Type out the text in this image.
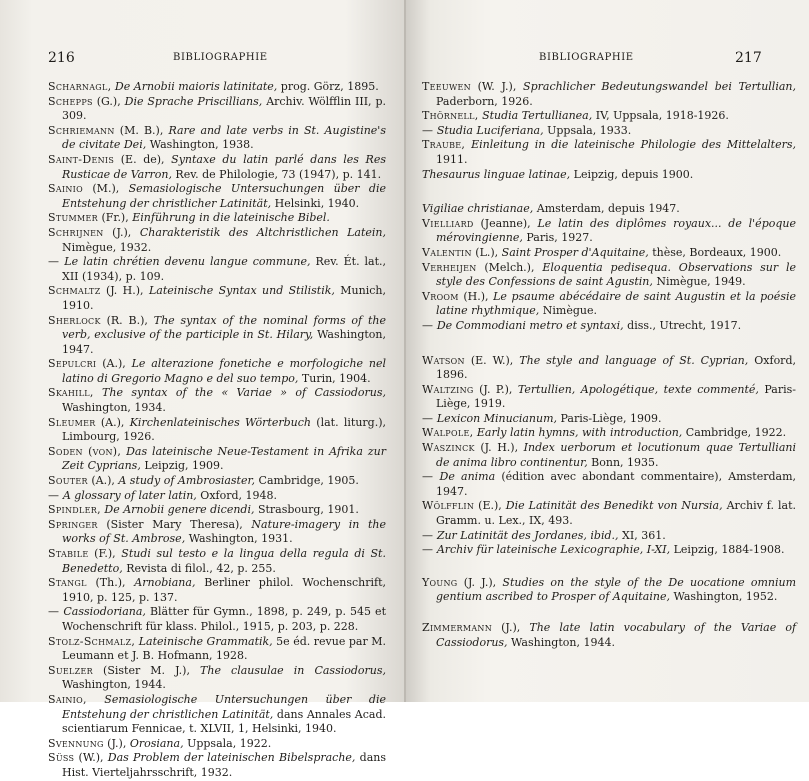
216	BIBLIOGRAPHIE

Scharnagl, De Arnobii maioris latinitate, prog. Görz, 1895.

Schepps (G.), Die Sprache Priscillians, Archiv. Wölfflin III, p. 309.

Schriemann (M. B.), Rare and late verbs in St. Augistine's de civitate Dei, Washington, 1938.

Saint-Denis (E. de), Syntaxe du latin parlé dans les Res Rusticae de Varron, Rev. de Philologie, 73 (1947), p. 141.

Sainio (M.), Semasiologische Untersuchungen über die Entstehung der christlicher Latinität, Helsinki, 1940.

Stummer (Fr.), Einführung in die lateinische Bibel.

Schrijnen (J.), Charakteristik des Altchristlichen Latein, Nimègue, 1932.

— Le latin chrétien devenu langue commune, Rev. Ét. lat., XII (1934), p. 109.

Schmaltz (J. H.), Lateinische Syntax und Stilistik, Munich, 1910.

Sherlock (R. B.), The syntax of the nominal forms of the verb, exclusive of the participle in St. Hilary, Washington, 1947.

Sepulcri (A.), Le alterazione fonetiche e morfologiche nel latino di Gregorio Magno e del suo tempo, Turin, 1904.

Skahill, The syntax of the « Variae » of Cassiodorus, Washington, 1934.

Sleumer (A.), Kirchenlateinisches Wörterbuch (lat. liturg.), Limbourg, 1926.

Soden (von), Das lateinische Neue-Testament in Afrika zur Zeit Cyprians, Leipzig, 1909.

Souter (A.), A study of Ambrosiaster, Cambridge, 1905.

— A glossary of later latin, Oxford, 1948.

Spindler, De Arnobii genere dicendi, Strasbourg, 1901.

Springer (Sister Mary Theresa), Nature-imagery in the works of St. Ambrose, Washington, 1931.

Stabile (F.), Studi sul testo e la lingua della regula di St. Benedetto, Revista di filol., 42, p. 255.

Stangl (Th.), Arnobiana, Berliner philol. Wochenschrift, 1910, p. 125, p. 137.

— Cassiodoriana, Blätter für Gymn., 1898, p. 249, p. 545 et Wochenschrift für klass. Philol., 1915, p. 203, p. 228.

Stolz-Schmalz, Lateinische Grammatik, 5e éd. revue par M. Leumann et J. B. Hofmann, 1928.

Suelzer (Sister M. J.), The clausulae in Cassiodorus, Washington, 1944.

Sainio, Semasiologische Untersuchungen über die Entstehung der christlichen Latinität, dans Annales Acad. scientiarum Fennicae, t. XLVII, 1, Helsinki, 1940.

Svennung (J.), Orosiana, Uppsala, 1922.

Süss (W.), Das Problem der lateinischen Bibelsprache, dans Hist. Vierteljahrsschrift, 1932.

BIBLIOGRAPHIE	217

Teeuwen (W. J.), Sprachlicher Bedeutungswandel bei Tertullian, Paderborn, 1926.

Thörnell, Studia Tertullianea, IV, Uppsala, 1918-1926.

— Studia Luciferiana, Uppsala, 1933.

Traube, Einleitung in die lateinische Philologie des Mittelalters, 1911.

Thesaurus linguae latinae, Leipzig, depuis 1900.

Vigiliae christianae, Amsterdam, depuis 1947.

Vielliard (Jeanne), Le latin des diplômes royaux... de l'époque mérovingienne, Paris, 1927.

Valentin (L.), Saint Prosper d'Aquitaine, thèse, Bordeaux, 1900.

Verheijen (Melch.), Eloquentia pedisequa. Observations sur le style des Confessions de saint Agustin, Nimègue, 1949.

Vroom (H.), Le psaume abécédaire de saint Augustin et la poésie latine rhythmique, Nimègue.

— De Commodiani metro et syntaxi, diss., Utrecht, 1917.

Watson (E. W.), The style and language of St. Cyprian, Oxford, 1896.

Waltzing (J. P.), Tertullien, Apologétique, texte commenté, Paris-Liège, 1919.

— Lexicon Minucianum, Paris-Liège, 1909.

Walpole, Early latin hymns, with introduction, Cambridge, 1922.

Waszinck (J. H.), Index uerborum et locutionum quae Tertulliani de anima libro continentur, Bonn, 1935.

— De anima (édition avec abondant commentaire), Amsterdam, 1947.

Wölfflin (E.), Die Latinität des Benedikt von Nursia, Archiv f. lat. Gramm. u. Lex., IX, 493.

— Zur Latinität des Jordanes, ibid., XI, 361.

— Archiv für lateinische Lexicographie, I-XI, Leipzig, 1884-1908.

Young (J. J.), Studies on the style of the De uocatione omnium gentium ascribed to Prosper of Aquitaine, Washington, 1952.

Zimmermann (J.), The late latin vocabulary of the Variae of Cassiodorus, Washington, 1944.
